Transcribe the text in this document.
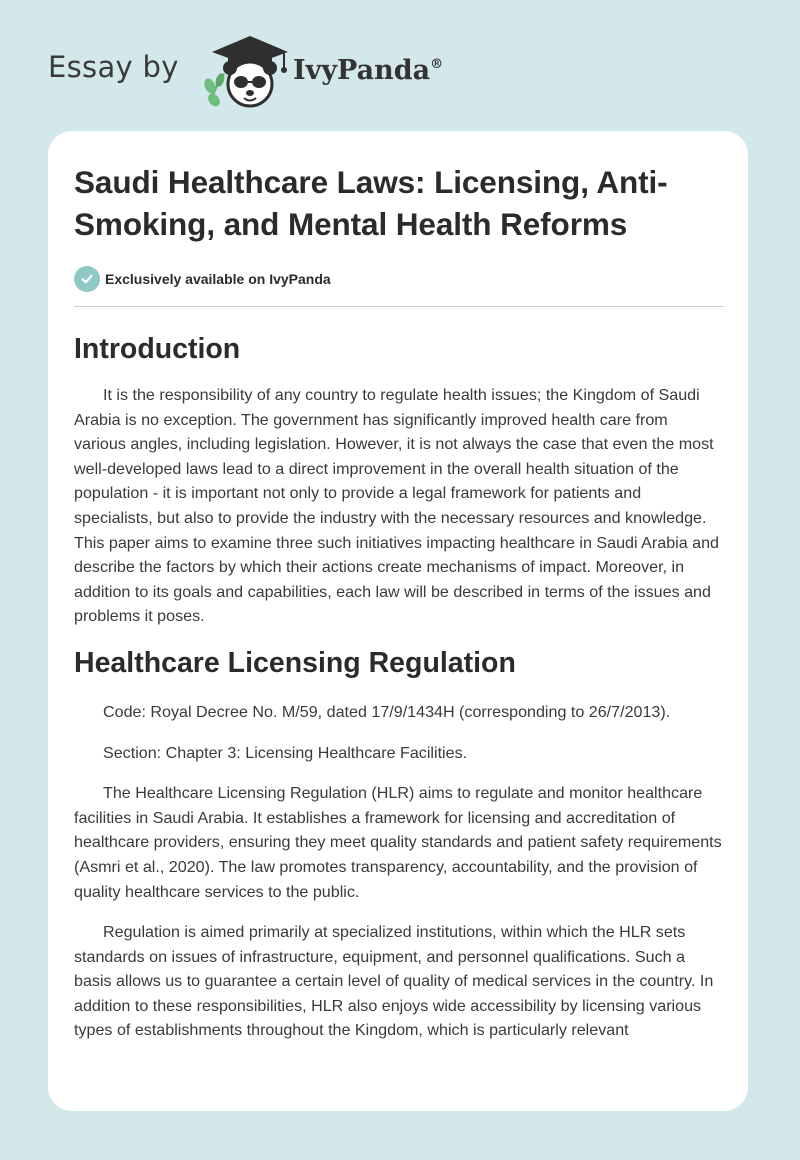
Essay by	IvyPanda®
Saudi Healthcare Laws: Licensing, Anti-Smoking, and Mental Health Reforms
Exclusively available on IvyPanda
Introduction

It is the responsibility of any country to regulate health issues; the Kingdom of Saudi Arabia is no exception. The government has significantly improved health care from various angles, including legislation. However, it is not always the case that even the most well-developed laws lead to a direct improvement in the overall health situation of the population - it is important not only to provide a legal framework for patients and specialists, but also to provide the industry with the necessary resources and knowledge. This paper aims to examine three such initiatives impacting healthcare in Saudi Arabia and describe the factors by which their actions create mechanisms of impact. Moreover, in addition to its goals and capabilities, each law will be described in terms of the issues and problems it poses.

Healthcare Licensing Regulation

Code: Royal Decree No. M/59, dated 17/9/1434H (corresponding to 26/7/2013).

Section: Chapter 3: Licensing Healthcare Facilities.

The Healthcare Licensing Regulation (HLR) aims to regulate and monitor healthcare facilities in Saudi Arabia. It establishes a framework for licensing and accreditation of healthcare providers, ensuring they meet quality standards and patient safety requirements (Asmri et al., 2020). The law promotes transparency, accountability, and the provision of quality healthcare services to the public.

Regulation is aimed primarily at specialized institutions, within which the HLR sets standards on issues of infrastructure, equipment, and personnel qualifications. Such a basis allows us to guarantee a certain level of quality of medical services in the country. In addition to these responsibilities, HLR also enjoys wide accessibility by licensing various types of establishments throughout the Kingdom, which is particularly relevant
